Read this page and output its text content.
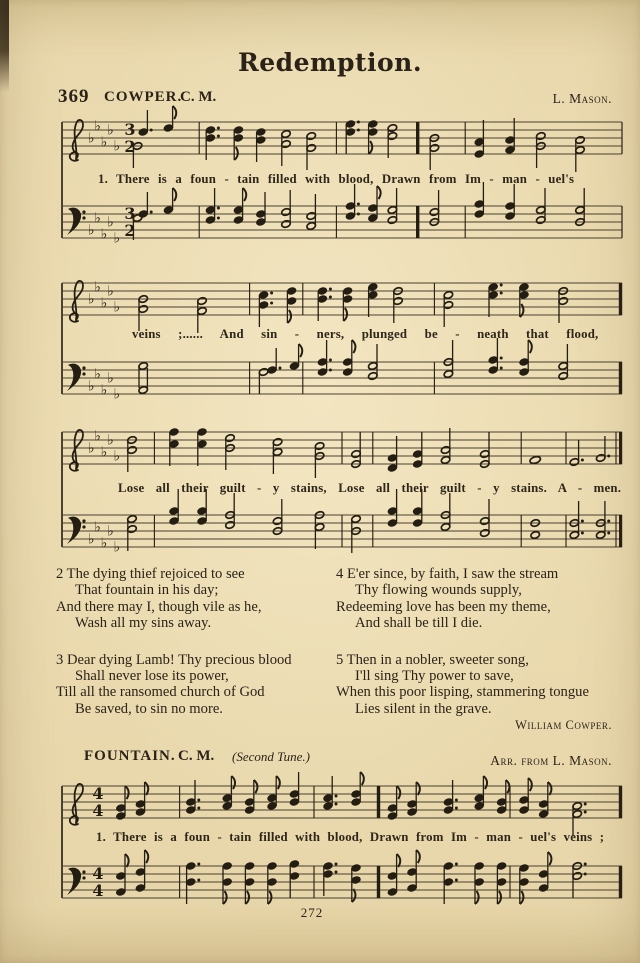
Redemption.
369 COWPER.
C. M.	L. Mason.
♭
♭
♭
♭
♭
3
2
♭
♭
♭
♭
♭
3
2
♭
♭
♭
♭
♭
♭
♭
♭
♭
♭
♭
♭
♭
♭
♭
♭
♭
♭
♭
♭
4
4
4
4
1. There is a foun - tain filled with blood, Drawn from Im - man - uel's
veins ;...... And sin - ners, plunged be - neath that flood,
Lose all their guilt - y stains, Lose all their guilt - y stains. A - men.
2 The dying thief rejoiced to see
That fountain in his day;
And there may I, though vile as he,
Wash all my sins away.
3 Dear dying Lamb! Thy precious blood
Shall never lose its power,
Till all the ransomed church of God
Be saved, to sin no more.
4 E'er since, by faith, I saw the stream
Thy flowing wounds supply,
Redeeming love has been my theme,
And shall be till I die.
5 Then in a nobler, sweeter song,
I'll sing Thy power to save,
When this poor lisping, stammering tongue
Lies silent in the grave.
William Cowper.
FOUNTAIN. C. M. (Second Tune.)	Arr. from L. Mason.
1. There is a foun - tain filled with blood, Drawn from Im - man - uel's veins ;
272
